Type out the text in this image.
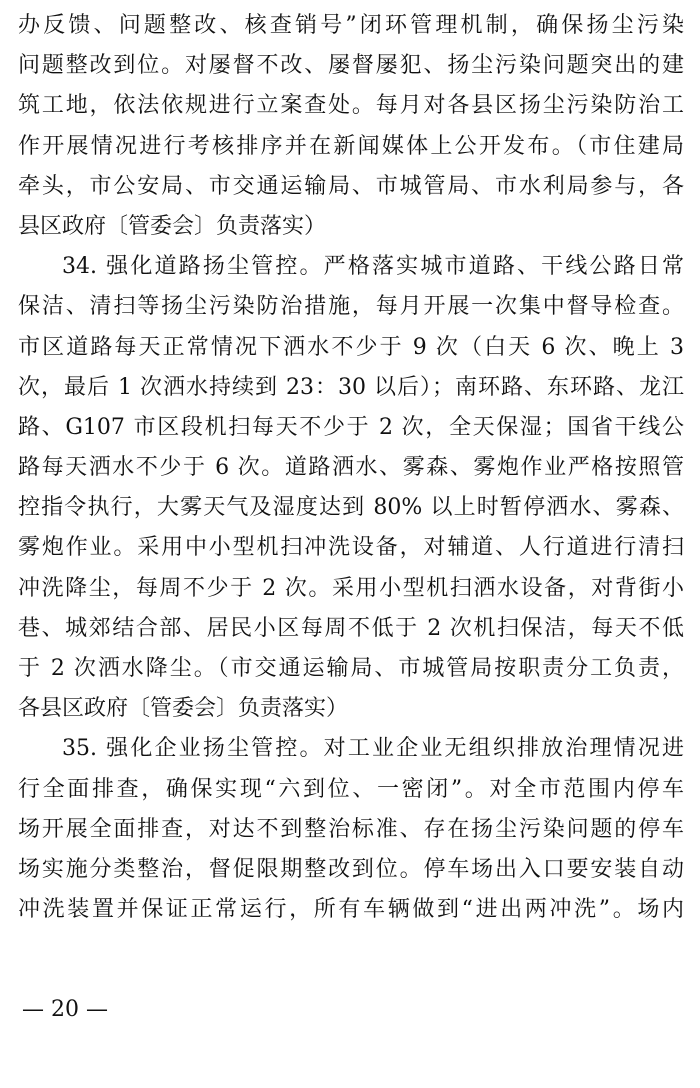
办反馈、问题整改、核查销号”闭环管理机制，确保扬尘污染
问题整改到位。对屡督不改、屡督屡犯、扬尘污染问题突出的建
筑工地，依法依规进行立案查处。每月对各县区扬尘污染防治工
作开展情况进行考核排序并在新闻媒体上公开发布。（市住建局
牵头，市公安局、市交通运输局、市城管局、市水利局参与，各
县区政府〔管委会〕负责落实）
34. 强化道路扬尘管控。严格落实城市道路、干线公路日常
保洁、清扫等扬尘污染防治措施，每月开展一次集中督导检查。
市区道路每天正常情况下洒水不少于 9 次（白天 6 次、晚上 3
次，最后 1 次洒水持续到 23：30 以后）；南环路、东环路、龙江
路、G107 市区段机扫每天不少于 2 次，全天保湿；国省干线公
路每天洒水不少于 6 次。道路洒水、雾森、雾炮作业严格按照管
控指令执行，大雾天气及湿度达到 80% 以上时暂停洒水、雾森、
雾炮作业。采用中小型机扫冲洗设备，对辅道、人行道进行清扫
冲洗降尘，每周不少于 2 次。采用小型机扫洒水设备，对背街小
巷、城郊结合部、居民小区每周不低于 2 次机扫保洁，每天不低
于 2 次洒水降尘。（市交通运输局、市城管局按职责分工负责，
各县区政府〔管委会〕负责落实）
35. 强化企业扬尘管控。对工业企业无组织排放治理情况进
行全面排查，确保实现“六到位、一密闭”。对全市范围内停车
场开展全面排查，对达不到整治标准、存在扬尘污染问题的停车
场实施分类整治，督促限期整改到位。停车场出入口要安装自动
冲洗装置并保证正常运行，所有车辆做到“进出两冲洗”。场内
— 20 —
